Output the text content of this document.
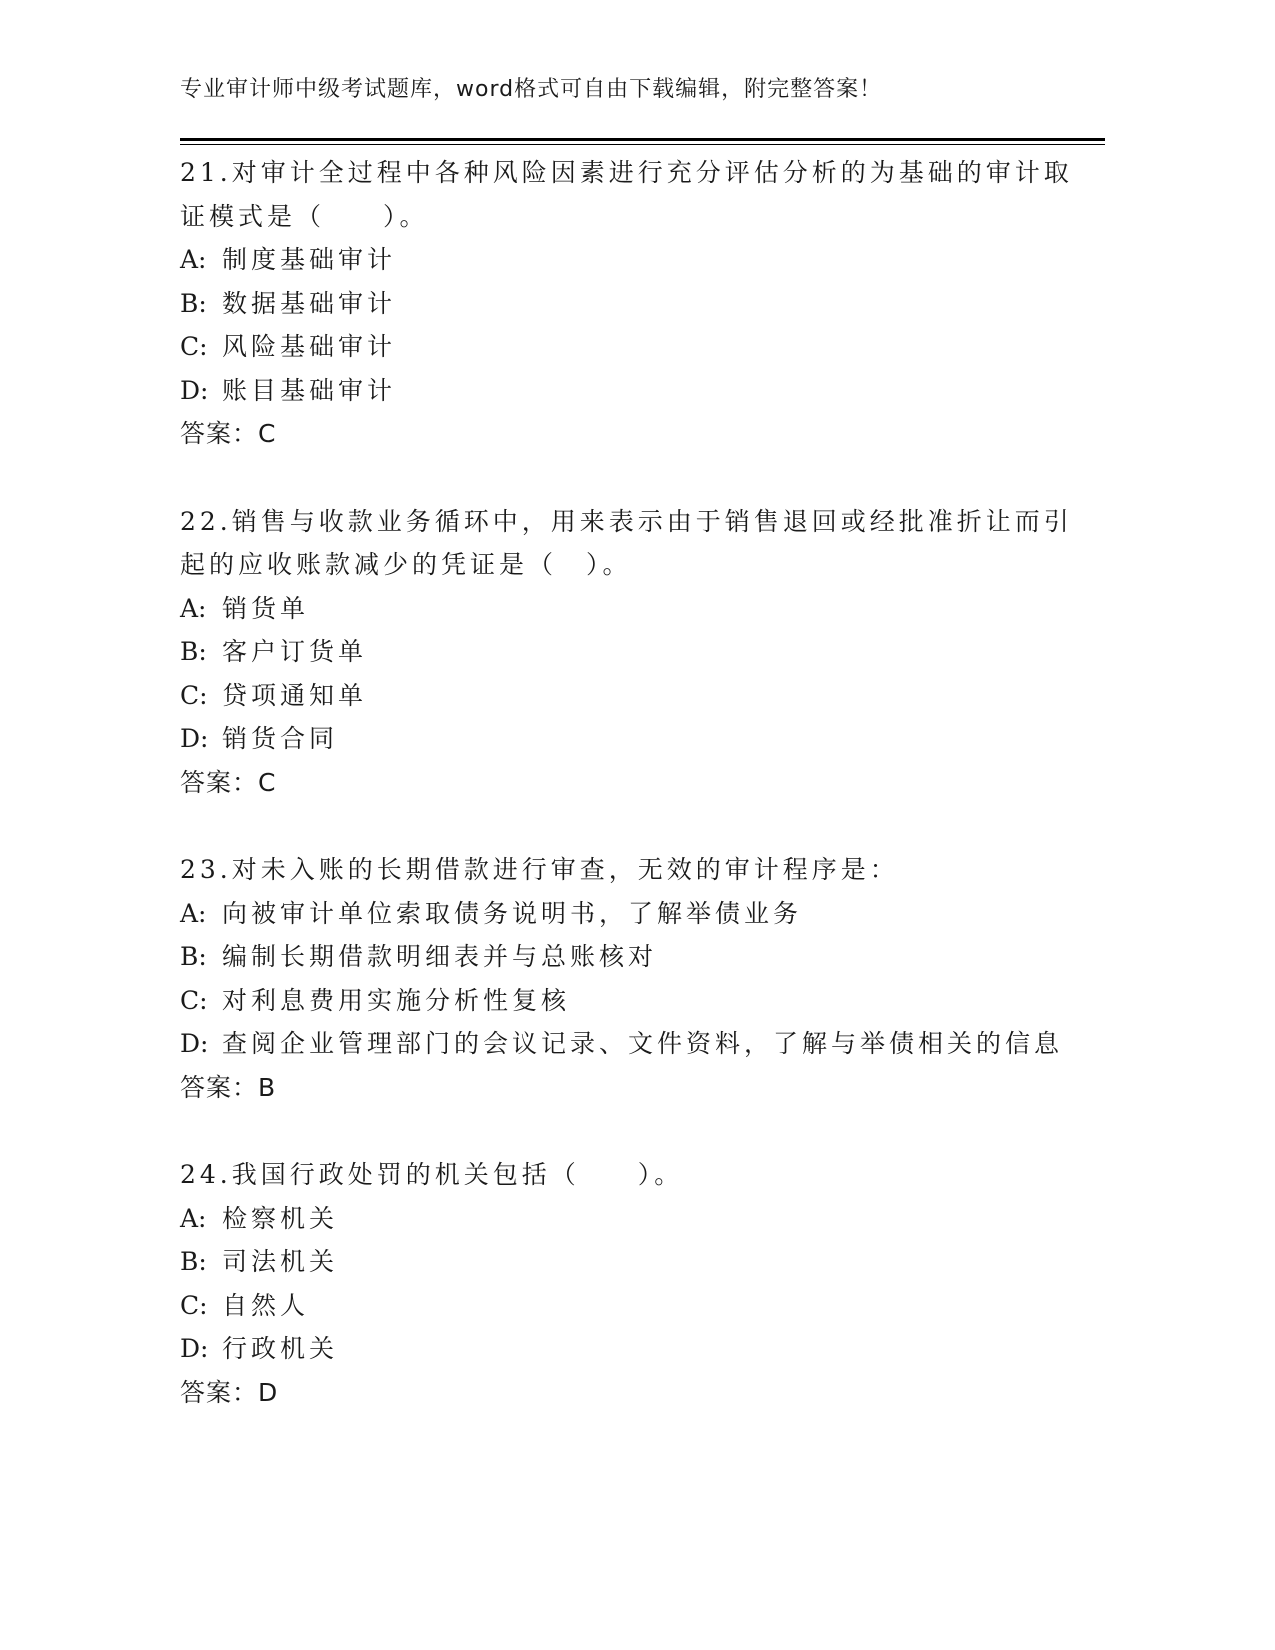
专业审计师中级考试题库，word格式可自由下载编辑，附完整答案！
21.对审计全过程中各种风险因素进行充分评估分析的为基础的审计取
证模式是（　　）。
A: 制度基础审计
B: 数据基础审计
C: 风险基础审计
D: 账目基础审计
答案：C
22.销售与收款业务循环中，用来表示由于销售退回或经批准折让而引
起的应收账款减少的凭证是（　）。
A: 销货单
B: 客户订货单
C: 贷项通知单
D: 销货合同
答案：C
23.对未入账的长期借款进行审查，无效的审计程序是：
A: 向被审计单位索取债务说明书，了解举债业务
B: 编制长期借款明细表并与总账核对
C: 对利息费用实施分析性复核
D: 查阅企业管理部门的会议记录、文件资料，了解与举债相关的信息
答案：B
24.我国行政处罚的机关包括（　　）。
A: 检察机关
B: 司法机关
C: 自然人
D: 行政机关
答案：D
